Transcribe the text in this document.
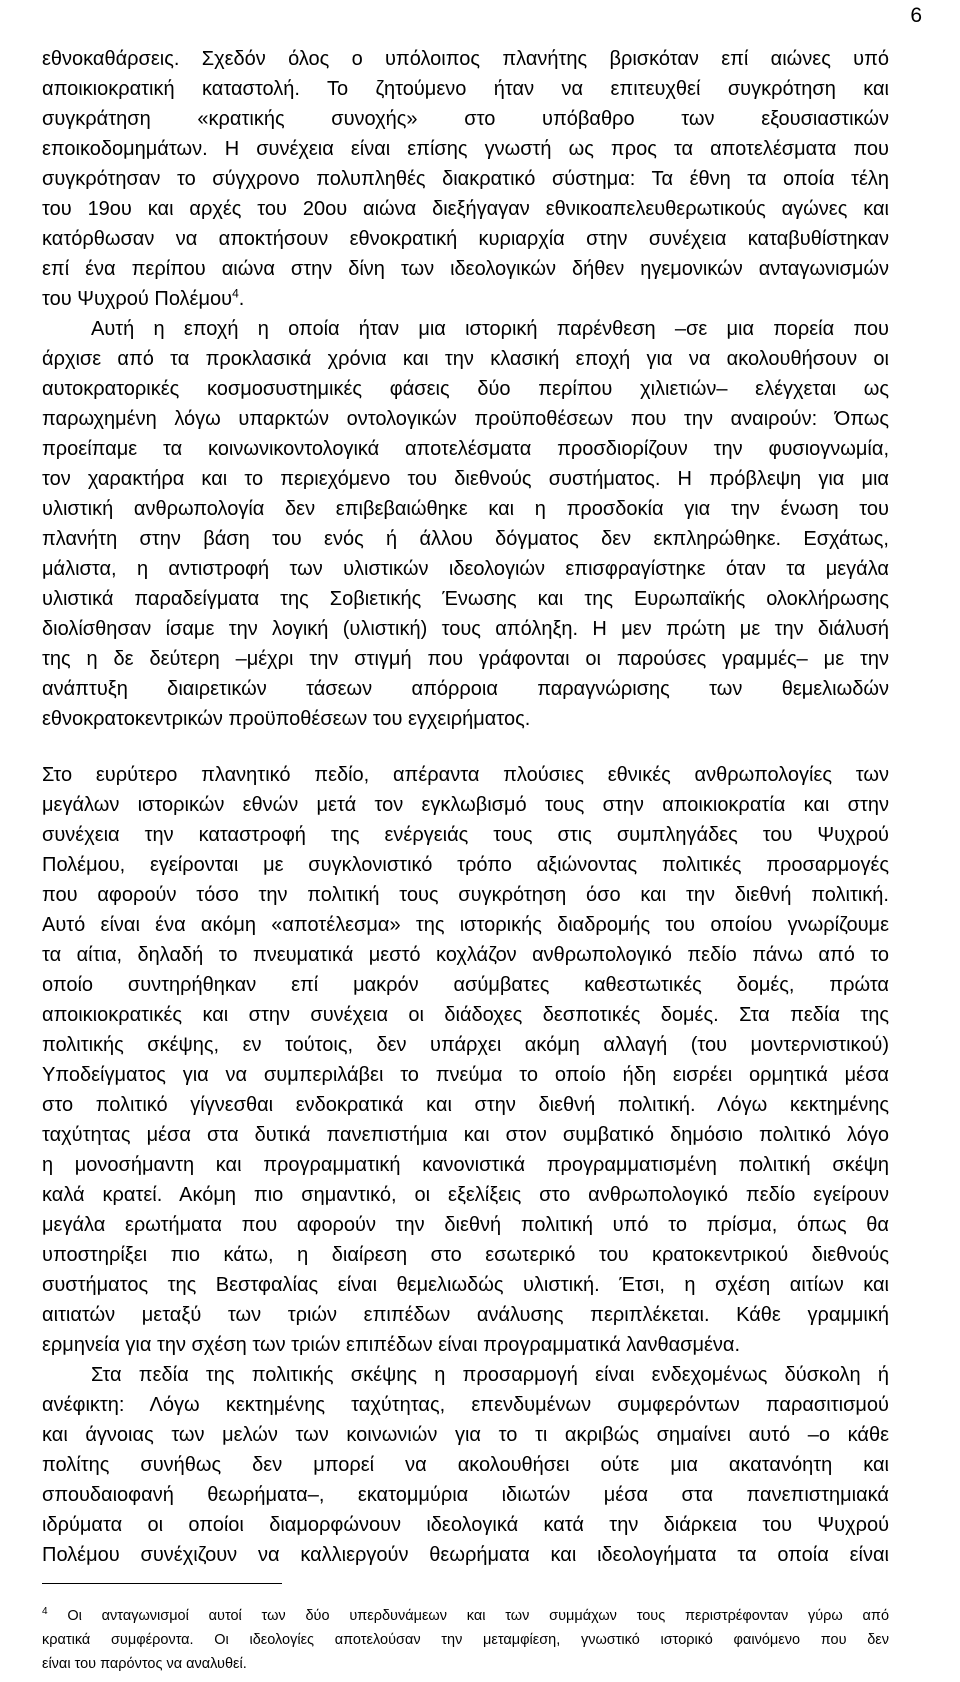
6
εθνοκαθάρσεις. Σχεδόν όλος ο υπόλοιπος πλανήτης βρισκόταν επί αιώνες υπό
αποικιοκρατική καταστολή. Το ζητούμενο ήταν να επιτευχθεί συγκρότηση και
συγκράτηση «κρατικής συνοχής» στο υπόβαθρο των εξουσιαστικών
εποικοδομημάτων. Η συνέχεια είναι επίσης γνωστή ως προς τα αποτελέσματα που
συγκρότησαν το σύγχρονο πολυπληθές διακρατικό σύστημα: Τα έθνη τα οποία τέλη
του 19ου και αρχές του 20ου αιώνα διεξήγαγαν εθνικοαπελευθερωτικούς αγώνες και
κατόρθωσαν να αποκτήσουν εθνοκρατική κυριαρχία στην συνέχεια καταβυθίστηκαν
επί ένα περίπου αιώνα στην δίνη των ιδεολογικών δήθεν ηγεμονικών ανταγωνισμών
του Ψυχρού Πολέμου$^4$.
Αυτή η εποχή η οποία ήταν μια ιστορική παρένθεση –σε μια πορεία που
άρχισε από τα προκλασικά χρόνια και την κλασική εποχή για να ακολουθήσουν οι
αυτοκρατορικές κοσμοσυστημικές φάσεις δύο περίπου χιλιετιών– ελέγχεται ως
παρωχημένη λόγω υπαρκτών οντολογικών προϋποθέσεων που την αναιρούν: Όπως
προείπαμε τα κοινωνικοντολογικά αποτελέσματα προσδιορίζουν την φυσιογνωμία,
τον χαρακτήρα και το περιεχόμενο του διεθνούς συστήματος. Η πρόβλεψη για μια
υλιστική ανθρωπολογία δεν επιβεβαιώθηκε και η προσδοκία για την ένωση του
πλανήτη στην βάση του ενός ή άλλου δόγματος δεν εκπληρώθηκε. Εσχάτως,
μάλιστα, η αντιστροφή των υλιστικών ιδεολογιών επισφραγίστηκε όταν τα μεγάλα
υλιστικά παραδείγματα της Σοβιετικής Ένωσης και της Ευρωπαϊκής ολοκλήρωσης
διολίσθησαν ίσαμε την λογική (υλιστική) τους απόληξη. Η μεν πρώτη με την διάλυσή
της η δε δεύτερη –μέχρι την στιγμή που γράφονται οι παρούσες γραμμές– με την
ανάπτυξη διαιρετικών τάσεων απόρροια παραγνώρισης των θεμελιωδών
εθνοκρατοκεντρικών προϋποθέσεων του εγχειρήματος.
Στο ευρύτερο πλανητικό πεδίο, απέραντα πλούσιες εθνικές ανθρωπολογίες των
μεγάλων ιστορικών εθνών μετά τον εγκλωβισμό τους στην αποικιοκρατία και στην
συνέχεια την καταστροφή της ενέργειάς τους στις συμπληγάδες του Ψυχρού
Πολέμου, εγείρονται με συγκλονιστικό τρόπο αξιώνοντας πολιτικές προσαρμογές
που αφορούν τόσο την πολιτική τους συγκρότηση όσο και την διεθνή πολιτική.
Αυτό είναι ένα ακόμη «αποτέλεσμα» της ιστορικής διαδρομής του οποίου γνωρίζουμε
τα αίτια, δηλαδή το πνευματικά μεστό κοχλάζον ανθρωπολογικό πεδίο πάνω από το
οποίο συντηρήθηκαν επί μακρόν ασύμβατες καθεστωτικές δομές, πρώτα
αποικιοκρατικές και στην συνέχεια οι διάδοχες δεσποτικές δομές. Στα πεδία της
πολιτικής σκέψης, εν τούτοις, δεν υπάρχει ακόμη αλλαγή (του μοντερνιστικού)
Υποδείγματος για να συμπεριλάβει το πνεύμα το οποίο ήδη εισρέει ορμητικά μέσα
στο πολιτικό γίγνεσθαι ενδοκρατικά και στην διεθνή πολιτική. Λόγω κεκτημένης
ταχύτητας μέσα στα δυτικά πανεπιστήμια και στον συμβατικό δημόσιο πολιτικό λόγο
η μονοσήμαντη και προγραμματική κανονιστικά προγραμματισμένη πολιτική σκέψη
καλά κρατεί. Ακόμη πιο σημαντικό, οι εξελίξεις στο ανθρωπολογικό πεδίο εγείρουν
μεγάλα ερωτήματα που αφορούν την διεθνή πολιτική υπό το πρίσμα, όπως θα
υποστηρίξει πιο κάτω, η διαίρεση στο εσωτερικό του κρατοκεντρικού διεθνούς
συστήματος της Βεστφαλίας είναι θεμελιωδώς υλιστική. Έτσι, η σχέση αιτίων και
αιτιατών μεταξύ των τριών επιπέδων ανάλυσης περιπλέκεται. Κάθε γραμμική
ερμηνεία για την σχέση των τριών επιπέδων είναι προγραμματικά λανθασμένα.
Στα πεδία της πολιτικής σκέψης η προσαρμογή είναι ενδεχομένως δύσκολη ή
ανέφικτη: Λόγω κεκτημένης ταχύτητας, επενδυμένων συμφερόντων παρασιτισμού
και άγνοιας των μελών των κοινωνιών για το τι ακριβώς σημαίνει αυτό –ο κάθε
πολίτης συνήθως δεν μπορεί να ακολουθήσει ούτε μια ακατανόητη και
σπουδαιοφανή θεωρήματα–, εκατομμύρια ιδιωτών μέσα στα πανεπιστημιακά
ιδρύματα οι οποίοι διαμορφώνουν ιδεολογικά κατά την διάρκεια του Ψυχρού
Πολέμου συνέχιζουν να καλλιεργούν θεωρήματα και ιδεολογήματα τα οποία είναι
$^4$ Οι ανταγωνισμοί αυτοί των δύο υπερδυνάμεων και των συμμάχων τους περιστρέφονταν γύρω από
κρατικά συμφέροντα. Οι ιδεολογίες αποτελούσαν την μεταμφίεση, γνωστικό ιστορικό φαινόμενο που δεν
είναι του παρόντος να αναλυθεί.
